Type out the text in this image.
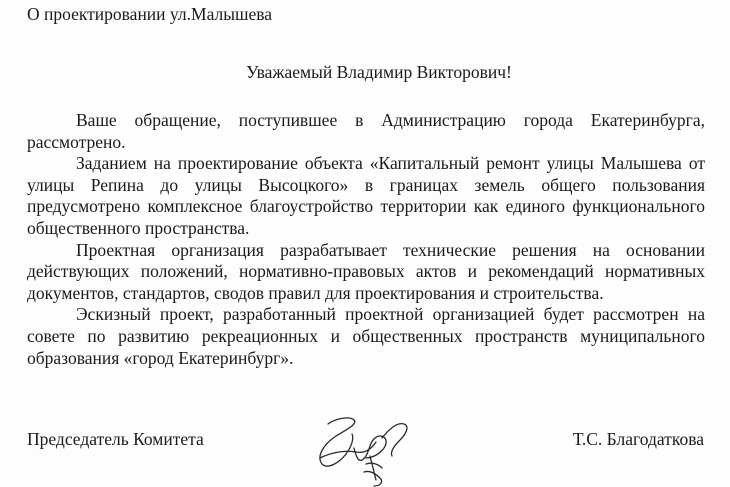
О проектировании ул.Малышева
Уважаемый Владимир Викторович!

Ваше обращение, поступившее в Администрацию города Екатеринбурга, рассмотрено.

Заданием на проектирование объекта «Капитальный ремонт улицы Малышева от улицы Репина до улицы Высоцкого» в границах земель общего пользования предусмотрено комплексное благоустройство территории как единого функционального общественного пространства.

Проектная организация разрабатывает технические решения на основании действующих положений, нормативно-правовых актов и рекомендаций нормативных документов, стандартов, сводов правил для проектирования и строительства.

Эскизный проект, разработанный проектной организацией будет рассмотрен на совете по развитию рекреационных и общественных пространств муниципального образования «город Екатеринбург».

Председатель Комитета	Т.С. Благодаткова
